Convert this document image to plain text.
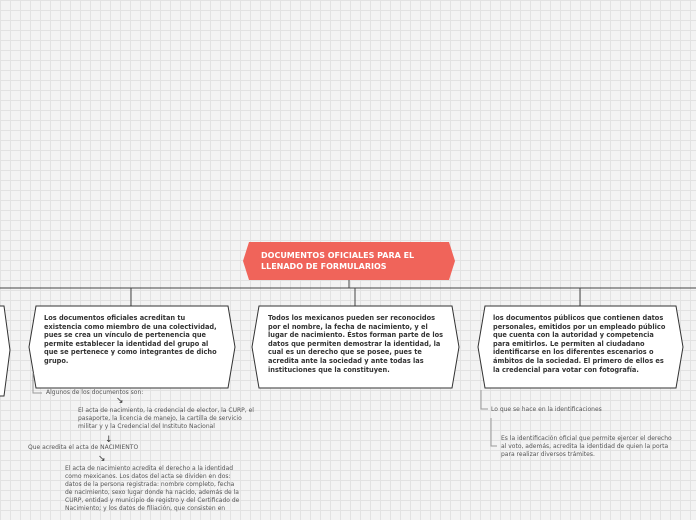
DOCUMENTOS OFICIALES PARA EL LLENADO DE FORMULARIOS
Los documentos oficiales acreditan tu existencia como miembro de una colectividad, pues se crea un vínculo de pertenencia que permite establecer la identidad del grupo al que se pertenece y como integrantes de dicho grupo.
Todos los mexicanos pueden ser reconocidos por el nombre, la fecha de nacimiento, y el lugar de nacimiento. Éstos forman parte de los datos que permiten demostrar la identidad, la cual es un derecho que se posee, pues te acredita ante la sociedad y ante todas las instituciones que la constituyen.
los documentos públicos que contienen datos personales, emitidos por un empleado público que cuenta con la autoridad y competencia para emitirlos. Le permiten al ciudadano identificarse en los diferentes escenarios o ámbitos de la sociedad. El primero de ellos es la credencial para votar con fotografía.
Algunos de los documentos son:
↘
El acta de nacimiento, la credencial de elector, la CURP, el pasaporte, la licencia de manejo, la cartilla de servicio militar y y la Credencial del Instituto Nacional
↓
Que acredita el acta de NACIMIENTO
↘
El acta de nacimiento acredita el derecho a la identidad como mexicanos. Los datos del acta se dividen en dos: datos de la persona registrada: nombre completo, fecha de nacimiento, sexo lugar donde ha nacido, además de la CURP, entidad y municipio de registro y del Certificado de Nacimiento; y los datos de filiación, que consisten en
Lo que se hace en la identificaciones
Es la identificación oficial que permite ejercer el derecho al voto, además, acredita la identidad de quien la porta para realizar diversos trámites.
